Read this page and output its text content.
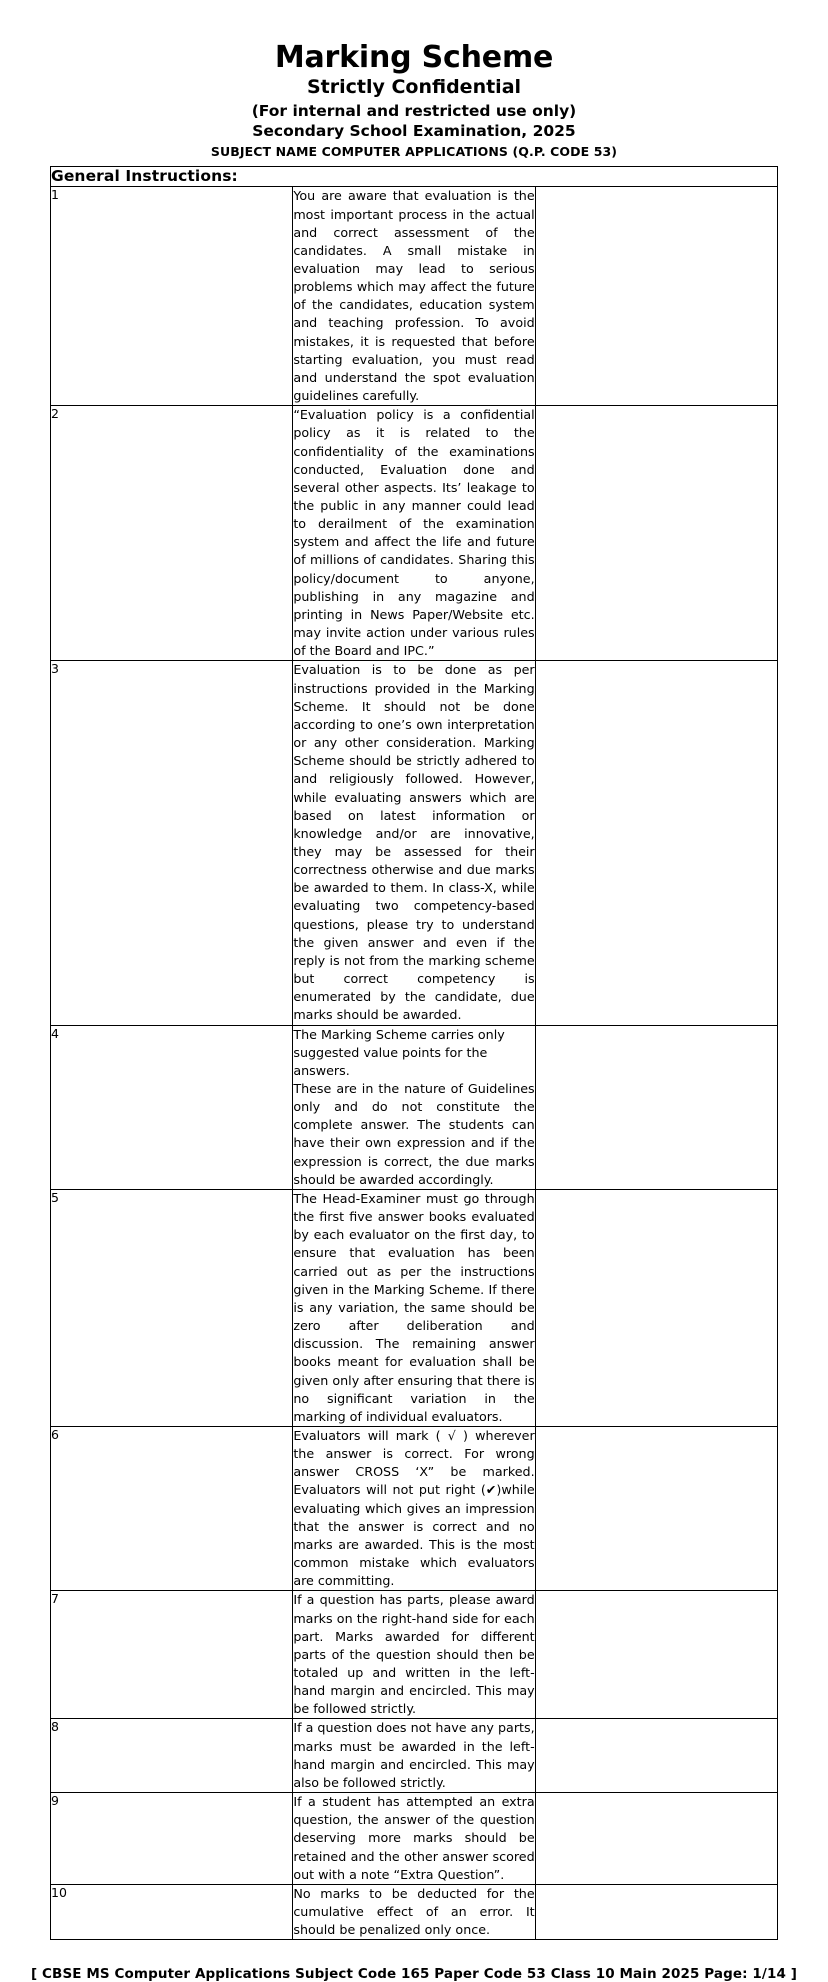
Marking Scheme
Strictly Confidential
(For internal and restricted use only)
Secondary School Examination, 2025
SUBJECT NAME COMPUTER APPLICATIONS (Q.P. CODE 53)
General Instructions:		
1	You are aware that evaluation is the most important process in the actual and correct assessment of the candidates. A small mistake in evaluation may lead to serious problems which may affect the future of the candidates, education system and teaching profession. To avoid mistakes, it is requested that before starting evaluation, you must read and understand the spot evaluation guidelines carefully.	

2	“Evaluation policy is a confidential policy as it is related to the confidentiality of the examinations conducted, Evaluation done and several other aspects. Its’ leakage to the public in any manner could lead to derailment of the examination system and affect the life and future of millions of candidates. Sharing this policy/document to anyone, publishing in any magazine and printing in News Paper/Website etc. may invite action under various rules of the Board and IPC.”	

3	Evaluation is to be done as per instructions provided in the Marking Scheme. It should not be done according to one’s own interpretation or any other consideration. Marking Scheme should be strictly adhered to and religiously followed. However, while evaluating answers which are based on latest information or knowledge and/or are innovative, they may be assessed for their correctness otherwise and due marks be awarded to them. In class-X, while evaluating two competency-based questions, please try to understand the given answer and even if the reply is not from the marking scheme but correct competency is enumerated by the candidate, due marks should be awarded.	

4	The Marking Scheme carries only suggested value points for the answers.

These are in the nature of Guidelines only and do not constitute the complete answer. The students can have their own expression and if the expression is correct, the due marks should be awarded accordingly.	

5	The Head-Examiner must go through the first five answer books evaluated by each evaluator on the first day, to ensure that evaluation has been carried out as per the instructions given in the Marking Scheme. If there is any variation, the same should be zero after deliberation and discussion. The remaining answer books meant for evaluation shall be given only after ensuring that there is no significant variation in the marking of individual evaluators.	

6	Evaluators will mark ( √ ) wherever the answer is correct. For wrong answer CROSS ‘X” be marked. Evaluators will not put right (✔)while evaluating which gives an impression that the answer is correct and no marks are awarded. This is the most common mistake which evaluators are committing.	

7	If a question has parts, please award marks on the right-hand side for each part. Marks awarded for different parts of the question should then be totaled up and written in the left-hand margin and encircled. This may be followed strictly.	

8	If a question does not have any parts, marks must be awarded in the left-hand margin and encircled. This may also be followed strictly.	

9	If a student has attempted an extra question, the answer of the question deserving more marks should be retained and the other answer scored out with a note “Extra Question”.	

10	No marks to be deducted for the cumulative effect of an error. It should be penalized only once.	

[ CBSE MS Computer Applications Subject Code 165 Paper Code 53 Class 10 Main 2025 Page: 1/14 ]
